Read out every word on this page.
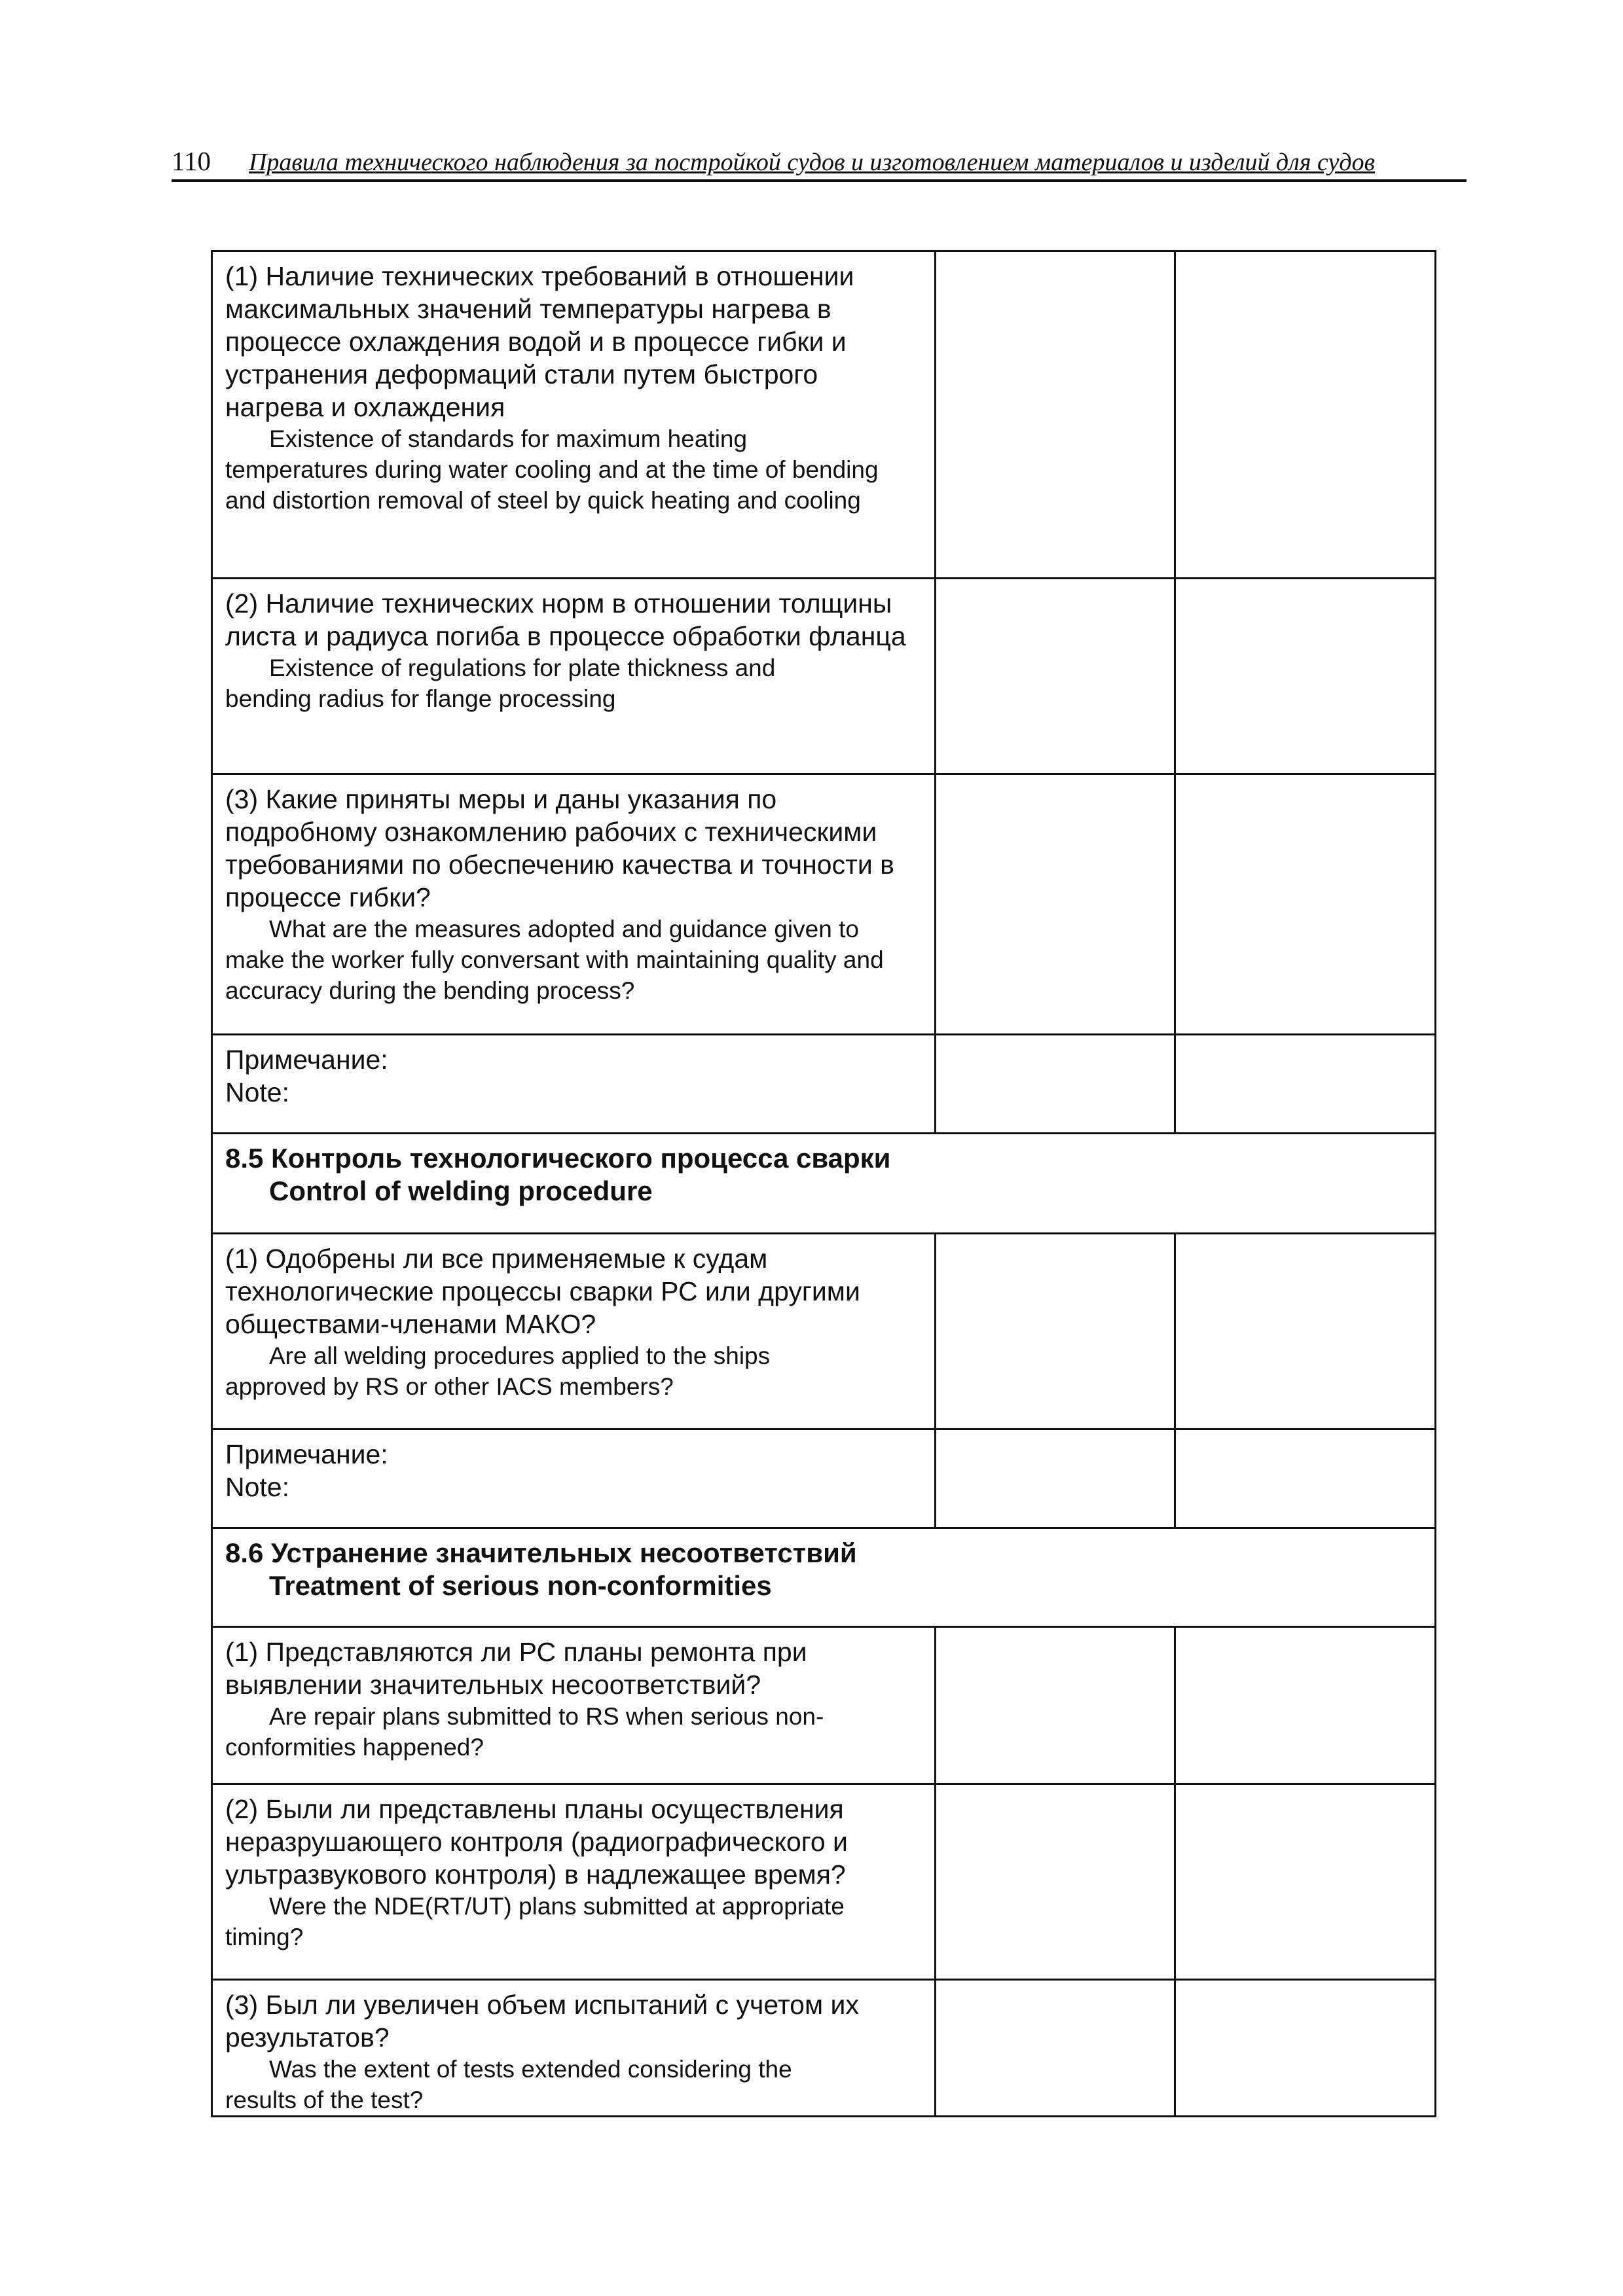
110 Правила технического наблюдения за постройкой судов и изготовлением материалов и изделий для судов
(1) Наличие технических требований в отношении максимальных значений температуры нагрева в процессе охлаждения водой и в процессе гибки и устранения деформаций стали путем быстрого нагрева и охлаждения
Existence of standards for maximum heating
temperatures during water cooling and at the time of bending and distortion removal of steel by quick heating and cooling		

(2) Наличие технических норм в отношении толщины листа и радиуса погиба в процессе обработки фланца
Existence of regulations for plate thickness and
bending radius for flange processing		

(3) Какие приняты меры и даны указания по подробному ознакомлению рабочих с техническими требованиями по обеспечению качества и точности в процессе гибки?
What are the measures adopted and guidance given to
make the worker fully conversant with maintaining quality and accuracy during the bending process?		

Примечание:
Note:		

8.5 Контроль технологического процесса сварки
Control of welding procedure		

(1) Одобрены ли все применяемые к судам технологические процессы сварки РС или другими обществами-членами МАКО?
Are all welding procedures applied to the ships
approved by RS or other IACS members?		

Примечание:
Note:		

8.6 Устранение значительных несоответствий
Treatment of serious non-conformities		

(1) Представляются ли РС планы ремонта при выявлении значительных несоответствий?
Are repair plans submitted to RS when serious non-
conformities happened?		

(2) Были ли представлены планы осуществления неразрушающего контроля (радиографического и ультразвукового контроля) в надлежащее время?
Were the NDE(RT/UT) plans submitted at appropriate
timing?		

(3) Был ли увеличен объем испытаний с учетом их результатов?
Was the extent of tests extended considering the
results of the test?		
